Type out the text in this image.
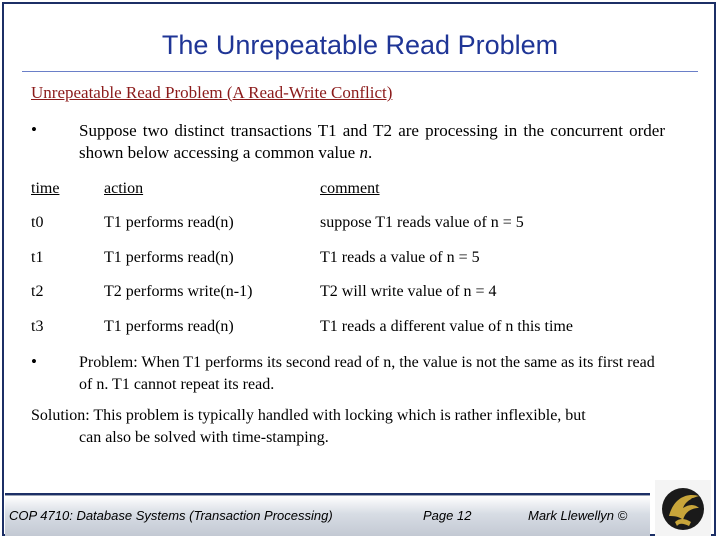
The Unrepeatable Read Problem
Unrepeatable Read Problem (A Read-Write Conflict)
• Suppose two distinct transactions T1 and T2 are processing in the concurrent order shown below accessing a common value n.
time	action	comment
t0	T1 performs read(n)	suppose T1 reads value of n = 5
t1	T1 performs read(n)	T1 reads a value of n = 5
t2	T2 performs write(n-1)	T2 will write value of n = 4
t3	T1 performs read(n)	T1 reads a different value of n this time
•	Problem: When T1 performs its second read of n, the value is not the same as its first read of n. T1 cannot repeat its read.
Solution: This problem is typically handled with locking which is rather inflexible, but
can also be solved with time-stamping.
COP 4710: Database Systems (Transaction Processing)	Page 12	Mark Llewellyn ©
